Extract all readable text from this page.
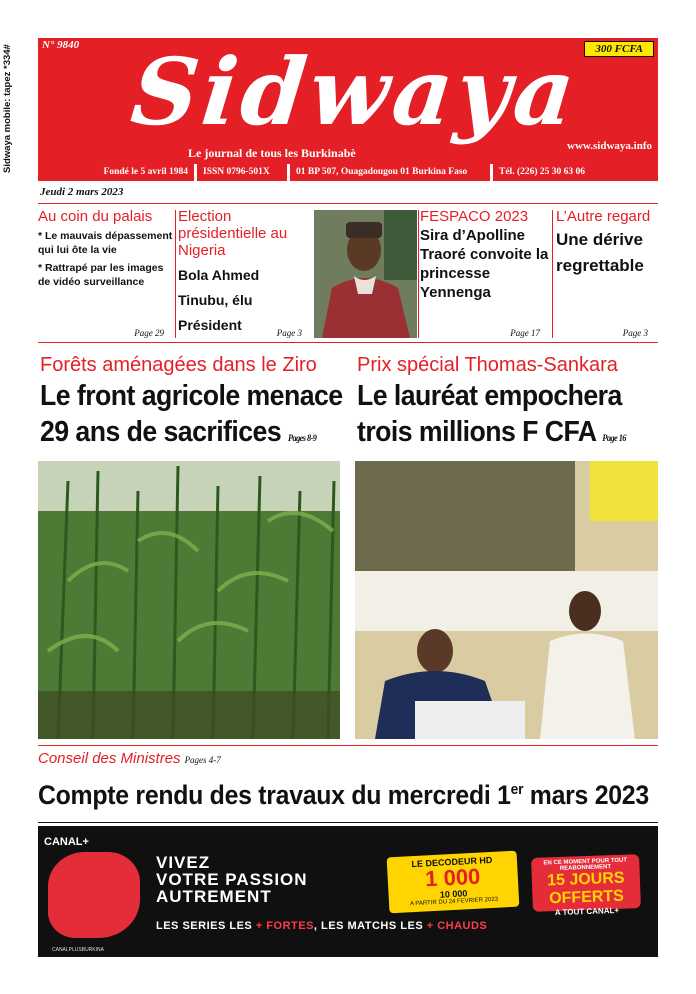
Sidwaya mobile: tapez *334#	N° 9840	300 FCFA
Sidwaya
Le journal de tous les Burkinabè	www.sidwaya.info
Fondé le 5 avril 1984	ISSN 0796-501X	01 BP 507, Ouagadougou 01 Burkina Faso	Tél. (226) 25 30 63 06
Jeudi 2 mars 2023
Au coin du palais
* Le mauvais dépassement qui lui ôte la vie
* Rattrapé par les images de vidéo surveillance
Page 29
Election présidentielle au Nigeria
Bola Ahmed Tinubu, élu Président	Page 3
FESPACO 2023
Sira d’Apolline Traoré convoite la princesse Yennenga
Page 17
L’Autre regard
Une dérive regrettable
Page 3
Forêts aménagées dans le Ziro
Le front agricole menace
29 ans de sacrifices Pages 8-9
Prix spécial Thomas-Sankara
Le lauréat empochera
trois millions F CFA Page 16
Conseil des Ministres Pages 4-7
Compte rendu des travaux du mercredi 1er mars 2023
CANAL+
VIVEZ
VOTRE PASSION
AUTREMENT
LE DECODEUR HD
1 000
10 000
A PARTIR DU 24 FEVRIER 2023
EN CE MOMENT POUR TOUT REABONNEMENT
15 JOURS OFFERTS
A TOUT CANAL+
LES SERIES LES + FORTES, LES MATCHS LES + CHAUDS
CANALPLUSBURKINA
